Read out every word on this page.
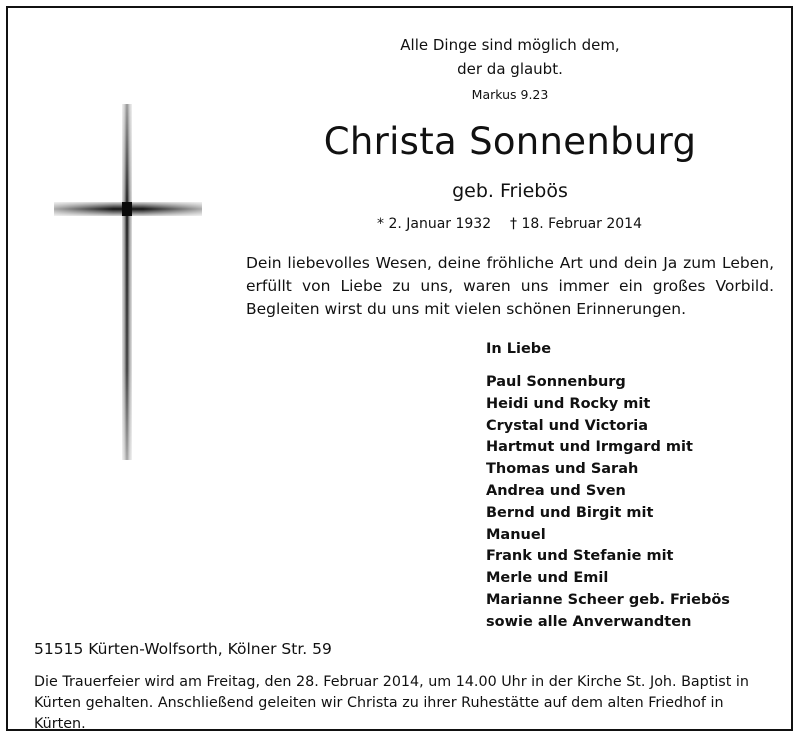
Alle Dinge sind möglich dem,
der da glaubt.
Markus 9.23
Christa Sonnenburg
geb. Friebös
* 2. Januar 1932 † 18. Februar 2014
Dein liebevolles Wesen, deine fröhliche Art und dein Ja zum Leben, erfüllt von Liebe zu uns, waren uns immer ein großes Vorbild. Begleiten wirst du uns mit vielen schönen Erinnerungen.
In Liebe
Paul Sonnenburg
Heidi und Rocky mit
Crystal und Victoria
Hartmut und Irmgard mit
Thomas und Sarah
Andrea und Sven
Bernd und Birgit mit
Manuel
Frank und Stefanie mit
Merle und Emil
Marianne Scheer geb. Friebös
sowie alle Anverwandten
51515 Kürten-Wolfsorth, Kölner Str. 59
Die Trauerfeier wird am Freitag, den 28. Februar 2014, um 14.00 Uhr in der Kirche St. Joh. Baptist in Kürten gehalten. Anschließend geleiten wir Christa zu ihrer Ruhestätte auf dem alten Friedhof in Kürten.
